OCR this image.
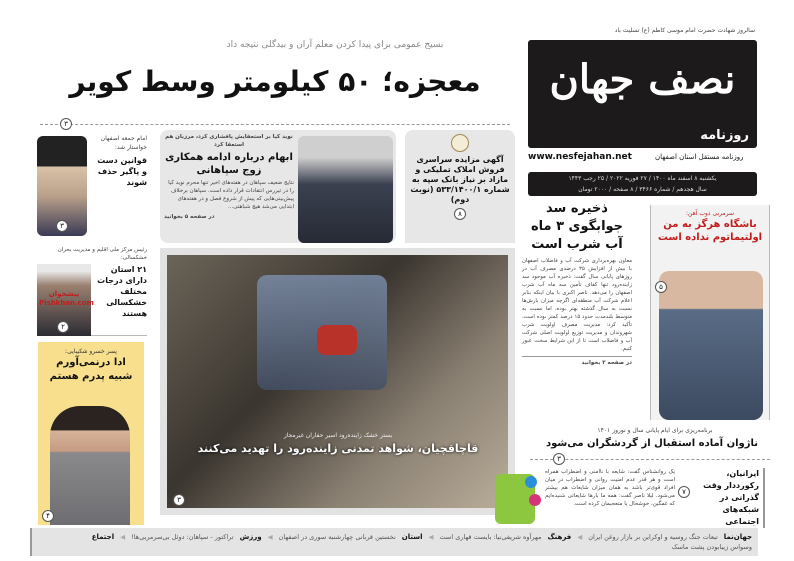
سالروز شهادت حضرت امام موسی کاظم (ع) تسلیت باد
نصف جهان
روزنامه
www.nesfejahan.net	روزنامه مستقل استان اصفهان
یکشنبه ۸ اسفند ماه ۱۴۰۰ / ۲۷ فوریه ۲۰۲۲ / ۲۵ رجب ۱۴۴۳
سال هجدهم / شماره ۳۴۶۶ / ۸ صفحه / ۲۰۰۰ تومان
بسیج عمومی برای پیدا کردن معلم آران و بیدگلی نتیجه داد
معجزه؛ ۵۰ کیلومتر وسط کویر
۳
امام جمعه اصفهان خواستار شد:
قوانین دست و پاگیر حذف شوند
۳
نوید کیا بر استعفایش پافشاری کرد، مرزبان هم استعفا کرد
ابهام درباره ادامه همکاری زوج سپاهانی
نتایج ضعیف سپاهان در هفته‌های اخیر تنها محرم نوید کیا را در تیررس انتقادات قرار داده است. سپاهان برخلاف پیش‌بینی‌هایی که پیش از شروع فصل و در هفته‌های ابتدایی می‌شد هیچ شباهتی...
در صفحه ۵ بخوانید
آگهی مزایده سراسری فروش املاک تملیکی و مازاد بر نیاز بانک سپه به شماره ۵۳۳/۱۴۰۰/۱ (نوبت دوم)
۸	ذخیره سد جوابگوی ۳ ماه آب شرب است
معاون بهره‌برداری شرکت آب و فاضلاب اصفهان با بیش از افزایش ۳۵ درصدی مصرف آب در روزهای پایانی سال گفت: ذخیره آب موجود سد زاینده‌رود تنها کفاف تأمین سه ماه آب شرب اصفهان را می‌دهد. ناصر اکبری با بیان اینکه بنابر اعلام شرکت آب منطقه‌ای اگرچه میزان بارش‌ها نسبت به سال گذشته بهتر بوده، اما نسبت به متوسط بلندمدت حدود ۱۵ درصد کمتر بوده است، تأکید کرد: مدیریت مصرف اولویت شرب شهروندان و مدیریت توزیع اولویت اصلی شرکت آب و فاضلاب است تا از این شرایط سخت عبور کنیم.
در صفحه ۳ بخوانید
سرمربی ذوب آهن:
باشگاه هرگز به من اولتیماتوم نداده است
۵
رئیس مرکز ملی اقلیم و مدیریت بحران خشکسالی:
پیشخوان Pishkhan.com
۲۱ استان دارای درجات مختلف خشکسالی هستند
۲
پسر خسرو شکیبایی:
ادا درنمی‌آورم شبیه پدرم هستم
۴
بستر خشک زاینده‌رود اسیر حفاران غیرمجاز
قاچاقچیان، شواهد تمدنی زاینده‌رود را تهدید می‌کنند
۳
برنامه‌ریزی برای ایام پایانی سال و نوروز ۱۴۰۱
ناژوان آماده استقبال از گردشگران می‌شود
۳
یک روانشناس گفت: شایعه با ناامنی و اضطراب همراه است و هر قدر عدم امنیت روانی و اضطراب در میان افراد قوی‌تر باشد به همان میزان شایعات هم بیشتر می‌شود. لیلا ناصر گفت: همه ما بارها شایعاتی شنیده‌ایم که غمگین، خوشحال یا متعجبمان کرده است.
۷
ایرانیان، رکورددار وقت گذرانی در شبکه‌های اجتماعی
جهان‌نما
تبعات جنگ روسیه و اوکراین بر بازار روغن ایران
◀
فرهنگ
مهرآوه شریفی‌نیا: بایست قهاری است
◀
استان
نخستین قربانی چهارشنبه سوری در اصفهان
◀
ورزش
تراکتور - سپاهان: دوئل بی‌سرمربی‌ها!
◀
اجتماع
وسواس زیبابودن پشت ماسک
